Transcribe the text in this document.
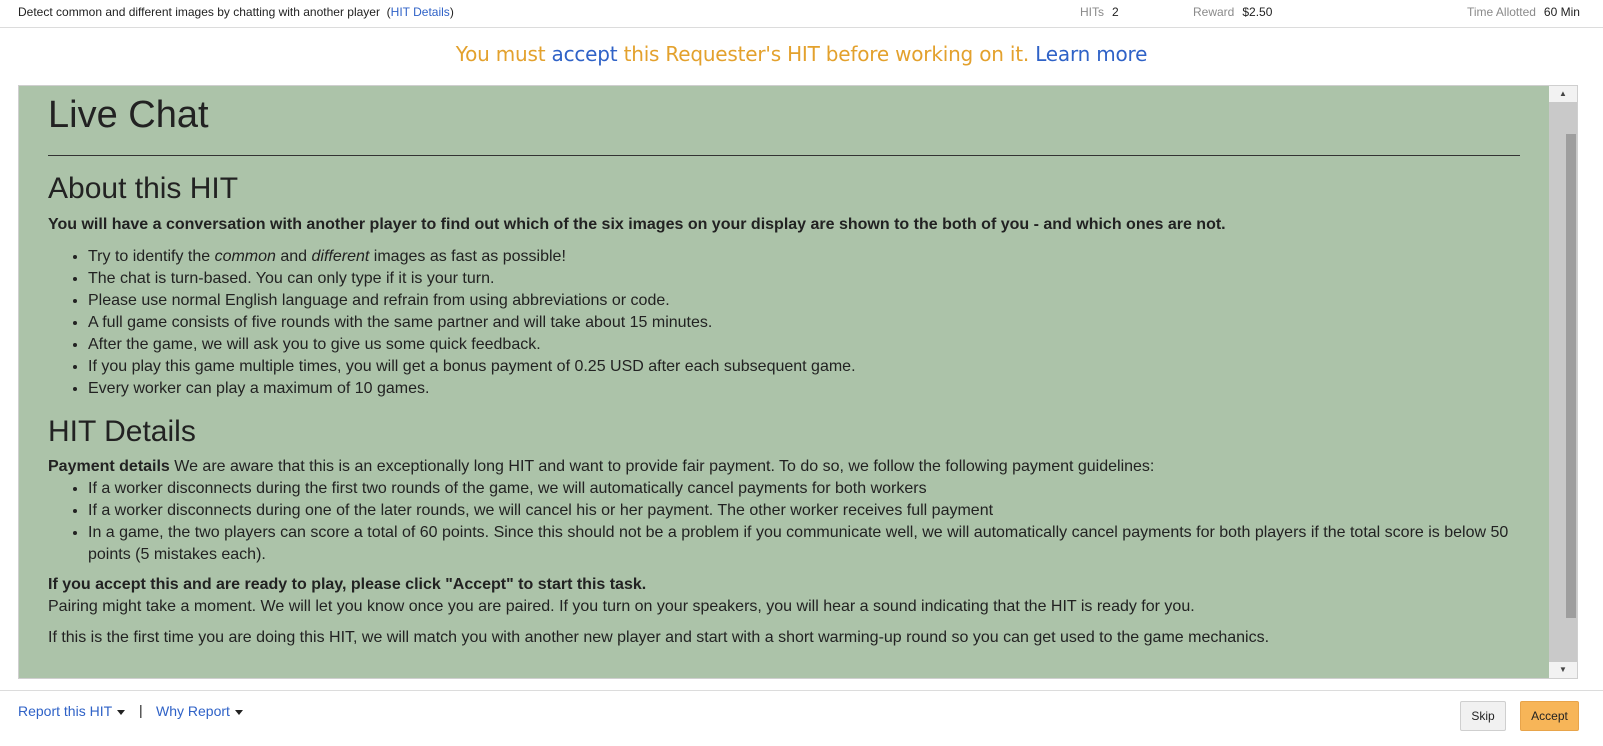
Detect common and different images by chatting with another player  (HIT Details)	HITs 2	Reward $2.50	Time Allotted 60 Min
You must accept this Requester's HIT before working on it. Learn more
Live Chat
About this HIT

You will have a conversation with another player to find out which of the six images on your display are shown to the both of you - and which ones are not.

• Try to identify the common and different images as fast as possible!
• The chat is turn-based. You can only type if it is your turn.
• Please use normal English language and refrain from using abbreviations or code.
• A full game consists of five rounds with the same partner and will take about 15 minutes.
• After the game, we will ask you to give us some quick feedback.
• If you play this game multiple times, you will get a bonus payment of 0.25 USD after each subsequent game.
• Every worker can play a maximum of 10 games.
HIT Details

Payment details We are aware that this is an exceptionally long HIT and want to provide fair payment. To do so, we follow the following payment guidelines:

• If a worker disconnects during the first two rounds of the game, we will automatically cancel payments for both workers
• If a worker disconnects during one of the later rounds, we will cancel his or her payment. The other worker receives full payment
• In a game, the two players can score a total of 60 points. Since this should not be a problem if you communicate well, we will automatically cancel payments for both players if the total score is below 50 points (5 mistakes each).

If you accept this and are ready to play, please click "Accept" to start this task.

Pairing might take a moment. We will let you know once you are paired. If you turn on your speakers, you will hear a sound indicating that the HIT is ready for you.

If this is the first time you are doing this HIT, we will match you with another new player and start with a short warming-up round so you can get used to the game mechanics.

▲
▼
Report this HIT	| Why Report	Skip	Accept
